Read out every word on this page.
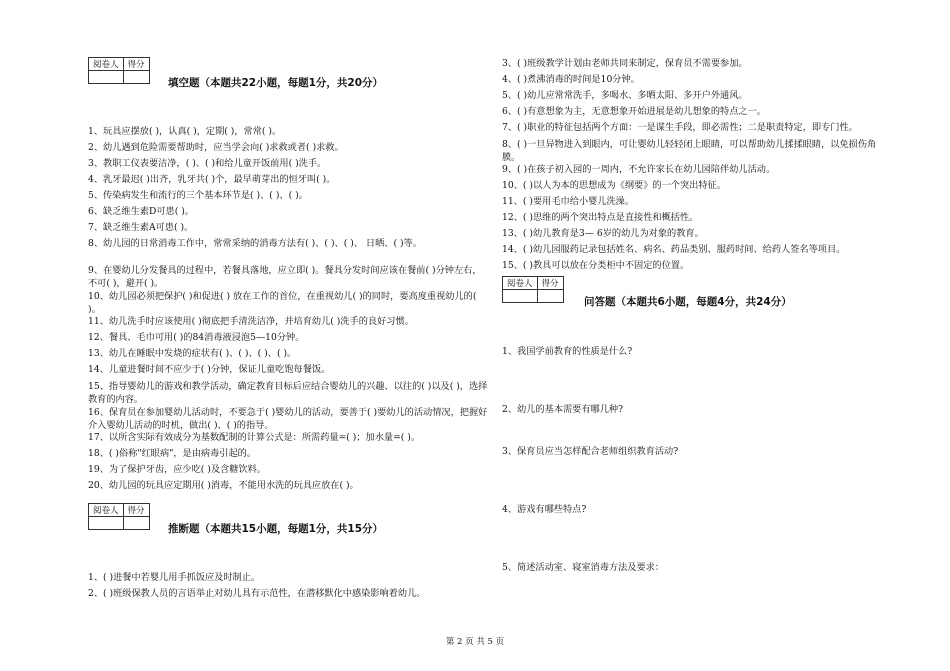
阅卷人	得分

填空题（本题共22小题，每题1分，共20分）
1、玩具应摆放( )，认真( )，定期( )，常常( )。
2、幼儿遇到危险需要帮助时，应当学会向( )求救或者( )求救。
3、教职工仪表要洁净，( )、( )和给儿童开饭前用( )洗手。
4、乳牙最迟( )出齐，乳牙共( )个，最早萌芽出的恒牙叫( )。
5、传染病发生和流行的三个基本环节是( )、( )、( )。
6、缺乏维生素D可患( )。
7、缺乏维生素A可患( )。
8、幼儿园的日常消毒工作中，常常采纳的消毒方法有( )、( )、( )、 日晒、( )等。
9、在婴幼儿分发餐具的过程中，若餐具落地，应立即( )。餐具分发时间应该在餐前( )分钟左右，不可( )，避开( )。
10、幼儿园必须把保护( )和促进( ) 放在工作的首位，在重视幼儿( )的同时，要高度重视幼儿的( )。
11、幼儿洗手时应该使用( )彻底把手清洗洁净，并培育幼儿( )洗手的良好习惯。
12、餐具、毛巾可用( )的84消毒液浸泡5—10分钟。
13、幼儿在睡眠中发烧的症状有( )、( )、( )、( )。
14、儿童进餐时间不应少于( )分钟，保证儿童吃饱每餐饭。
15、指导婴幼儿的游戏和教学活动，确定教育目标后应结合婴幼儿的兴趣、以往的( )以及( )，选择教育的内容。
16、保育员在参加婴幼儿活动时，不要急于( )婴幼儿的活动，要善于( )要幼儿的活动情况，把握好介入婴幼儿活动的时机，做出( )、( )的指导。
17、以所含实际有效成分为基数配制的计算公式是：所需药量=( )；加水量=( )。
18、( )俗称"红眼病"，是由病毒引起的。
19、为了保护牙齿，应少吃( )及含糖饮料。
20、幼儿园的玩具应定期用( )消毒，不能用水洗的玩具应放在( )。
阅卷人	得分

推断题（本题共15小题，每题1分，共15分）
1、( )进餐中若婴儿用手抓饭应及时制止。
2、( )班级保教人员的言语举止对幼儿具有示范性，在潜移默化中感染影响着幼儿。
3、( )班级教学计划由老师共同来制定，保育员不需要参加。
4、( )煮沸消毒的时间是10分钟。
5、( )幼儿应常常洗手，多喝水、多晒太阳、多开户外通风。
6、( )有意想象为主，无意想象开始进展是幼儿想象的特点之一。
7、( )职业的特征包括两个方面：一是谋生手段，即必需性；二是职责特定，即专门性。
8、( )一旦异物进入到眼内，可让婴幼儿轻轻闭上眼睛，可以帮助幼儿揉揉眼睛，以免损伤角膜。
9、( )在孩子初入园的一周内，不允许家长在幼儿园陪伴幼儿活动。
10、( )以人为本的思想成为《纲要》的一个突出特征。
11、( )要用毛巾给小婴儿洗澡。
12、( )思维的两个突出特点是直接性和概括性。
13、( )幼儿教育是3— 6岁的幼儿为对象的教育。
14、( )幼儿园服药记录包括姓名、病名、药品类别、服药时间、给药人签名等项目。
15、( )教具可以放在分类柜中不固定的位置。
阅卷人	得分

问答题（本题共6小题，每题4分，共24分）
1、我国学前教育的性质是什么?
2、幼儿的基本需要有哪几种?
3、保育员应当怎样配合老师组织教育活动?
4、游戏有哪些特点?
5、简述活动室、寝室消毒方法及要求：
第 2 页 共 5 页
